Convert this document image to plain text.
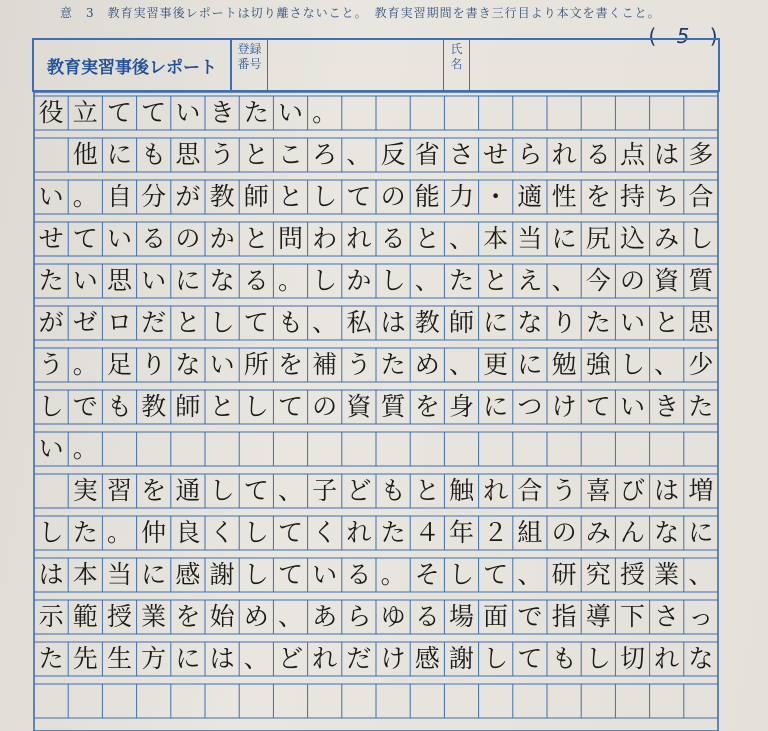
意　3　教育実習事後レポートは切り離さないこと。　教育実習期間を書き三行目より本文を書くこと。
( 5 )
教育実習事後レポート
登録
番号
氏
名
役 立 て て い き た い 。

他 に も 思 う と こ ろ 、 反 省 さ せ ら れ る 点 は 多
い 。 自 分 が 教 師 と し て の 能 力 ・ 適 性 を 持 ち 合
せ て い る の か と 問 わ れ る と 、 本 当 に 尻 込 み し
た い 思 い に な る 。 し か し 、 た と え 、 今 の 資 質
が ゼ ロ だ と し て も 、 私 は 教 師 に な り た い と 思
う 。 足 り な い 所 を 補 う た め 、 更 に 勉 強 し 、 少
し で も 教 師 と し て の 資 質 を 身 に つ け て い き た
い 。

実 習 を 通 し て 、 子 ど も と 触 れ 合 う 喜 び は 増
し た 。 仲 良 く し て く れ た ４ 年 ２ 組 の み ん な に
は 本 当 に 感 謝 し て い る 。 そ し て 、 研 究 授 業 、
示 範 授 業 を 始 め 、 あ ら ゆ る 場 面 で 指 導 下 さ っ
た 先 生 方 に は 、 ど れ だ け 感 謝 し て も し 切 れ な
